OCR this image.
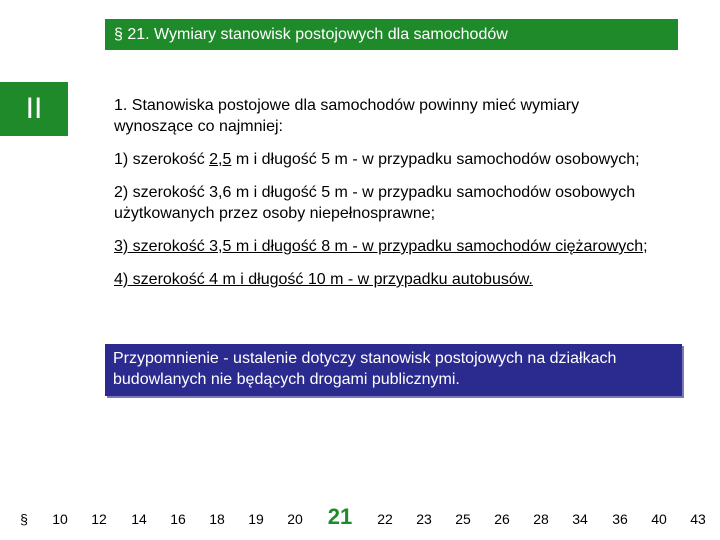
§ 21. Wymiary stanowisk postojowych dla samochodów
II	1. Stanowiska postojowe dla samochodów powinny mieć wymiary wynoszące co najmniej:

1) szerokość 2,5 m i długość 5 m - w przypadku samochodów osobowych;

2) szerokość 3,6 m i długość 5 m - w przypadku samochodów osobowych użytkowanych przez osoby niepełnosprawne;

3) szerokość 3,5 m i długość 8 m - w przypadku samochodów ciężarowych;

4) szerokość 4 m i długość 10 m - w przypadku autobusów.

Przypomnienie - ustalenie dotyczy stanowisk postojowych na działkach budowlanych nie będących drogami publicznymi.
§ 10 12 14 16 18 19 20 21 22 23 25 26 28 34 36 40 43
